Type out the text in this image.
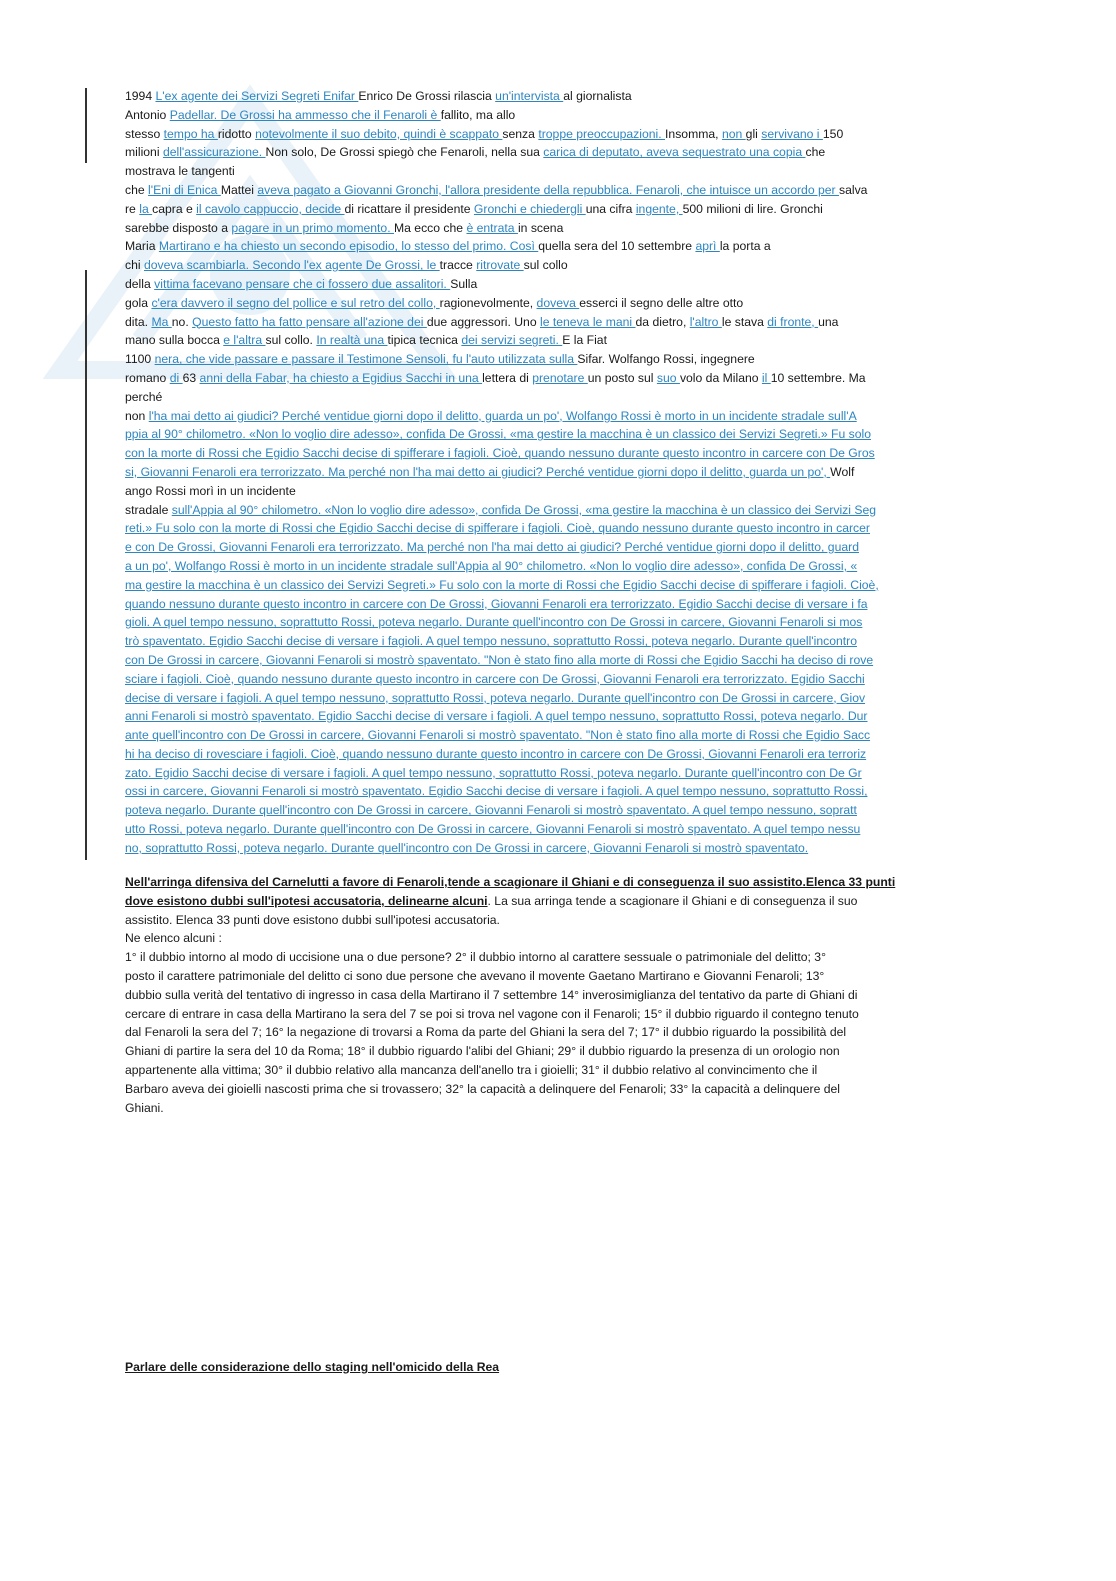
1994 L'ex agente dei Servizi Segreti Enifar Enrico De Grossi rilascia un'intervista al giornalista

Antonio Padellar. De Grossi ha ammesso che il Fenaroli è fallito, ma allo

stesso tempo ha ridotto notevolmente il suo debito, quindi è scappato senza troppe preoccupazioni. Insomma, non gli servivano i 150

milioni dell'assicurazione. Non solo, De Grossi spiegò che Fenaroli, nella sua carica di deputato, aveva sequestrato una copia che

mostrava le tangenti

che l'Eni di Enica Mattei aveva pagato a Giovanni Gronchi, l'allora presidente della repubblica. Fenaroli, che intuisce un accordo per salva

re la capra e il cavolo cappuccio, decide di ricattare il presidente Gronchi e chiedergli una cifra ingente, 500 milioni di lire. Gronchi

sarebbe disposto a pagare in un primo momento. Ma ecco che è entrata in scena

Maria Martirano e ha chiesto un secondo episodio, lo stesso del primo. Così quella sera del 10 settembre aprì la porta a

chi doveva scambiarla. Secondo l'ex agente De Grossi, le tracce ritrovate sul collo

della vittima facevano pensare che ci fossero due assalitori. Sulla

gola c'era davvero il segno del pollice e sul retro del collo, ragionevolmente, doveva esserci il segno delle altre otto

dita. Ma no. Questo fatto ha fatto pensare all'azione dei due aggressori. Uno le teneva le mani da dietro, l'altro le stava di fronte, una

mano sulla bocca e l'altra sul collo. In realtà una tipica tecnica dei servizi segreti. E la Fiat

1100 nera, che vide passare e passare il Testimone Sensoli, fu l'auto utilizzata sulla Sifar. Wolfango Rossi, ingegnere

romano di 63 anni della Fabar, ha chiesto a Egidius Sacchi in una lettera di prenotare un posto sul suo volo da Milano il 10 settembre. Ma

perché

non l'ha mai detto ai giudici? Perché ventidue giorni dopo il delitto, guarda un po', Wolfango Rossi è morto in un incidente stradale sull'A

ppia al 90° chilometro. «Non lo voglio dire adesso», confida De Grossi, «ma gestire la macchina è un classico dei Servizi Segreti.» Fu solo

con la morte di Rossi che Egidio Sacchi decise di spifferare i fagioli. Cioè, quando nessuno durante questo incontro in carcere con De Gros

si, Giovanni Fenaroli era terrorizzato. Ma perché non l'ha mai detto ai giudici? Perché ventidue giorni dopo il delitto, guarda un po', Wolf

ango Rossi morì in un incidente

stradale sull'Appia al 90° chilometro. «Non lo voglio dire adesso», confida De Grossi, «ma gestire la macchina è un classico dei Servizi Seg

reti.» Fu solo con la morte di Rossi che Egidio Sacchi decise di spifferare i fagioli. Cioè, quando nessuno durante questo incontro in carcer

e con De Grossi, Giovanni Fenaroli era terrorizzato. Ma perché non l'ha mai detto ai giudici? Perché ventidue giorni dopo il delitto, guard

a un po', Wolfango Rossi è morto in un incidente stradale sull'Appia al 90° chilometro. «Non lo voglio dire adesso», confida De Grossi, «

ma gestire la macchina è un classico dei Servizi Segreti.» Fu solo con la morte di Rossi che Egidio Sacchi decise di spifferare i fagioli. Cioè,

quando nessuno durante questo incontro in carcere con De Grossi, Giovanni Fenaroli era terrorizzato. Egidio Sacchi decise di versare i fa

gioli. A quel tempo nessuno, soprattutto Rossi, poteva negarlo. Durante quell'incontro con De Grossi in carcere, Giovanni Fenaroli si mos

trò spaventato. Egidio Sacchi decise di versare i fagioli. A quel tempo nessuno, soprattutto Rossi, poteva negarlo. Durante quell'incontro

con De Grossi in carcere, Giovanni Fenaroli si mostrò spaventato. "Non è stato fino alla morte di Rossi che Egidio Sacchi ha deciso di rove

sciare i fagioli. Cioè, quando nessuno durante questo incontro in carcere con De Grossi, Giovanni Fenaroli era terrorizzato. Egidio Sacchi

decise di versare i fagioli. A quel tempo nessuno, soprattutto Rossi, poteva negarlo. Durante quell'incontro con De Grossi in carcere, Giov

anni Fenaroli si mostrò spaventato. Egidio Sacchi decise di versare i fagioli. A quel tempo nessuno, soprattutto Rossi, poteva negarlo. Dur

ante quell'incontro con De Grossi in carcere, Giovanni Fenaroli si mostrò spaventato. "Non è stato fino alla morte di Rossi che Egidio Sacc

hi ha deciso di rovesciare i fagioli. Cioè, quando nessuno durante questo incontro in carcere con De Grossi, Giovanni Fenaroli era terroriz

zato. Egidio Sacchi decise di versare i fagioli. A quel tempo nessuno, soprattutto Rossi, poteva negarlo. Durante quell'incontro con De Gr

ossi in carcere, Giovanni Fenaroli si mostrò spaventato. Egidio Sacchi decise di versare i fagioli. A quel tempo nessuno, soprattutto Rossi,

poteva negarlo. Durante quell'incontro con De Grossi in carcere, Giovanni Fenaroli si mostrò spaventato. A quel tempo nessuno, sopratt

utto Rossi, poteva negarlo. Durante quell'incontro con De Grossi in carcere, Giovanni Fenaroli si mostrò spaventato. A quel tempo nessu

no, soprattutto Rossi, poteva negarlo. Durante quell'incontro con De Grossi in carcere, Giovanni Fenaroli si mostrò spaventato.

Nell'arringa difensiva del Carnelutti a favore di Fenaroli,tende a scagionare il Ghiani e di conseguenza il suo assistito.Elenca 33 punti
dove esistono dubbi sull'ipotesi accusatoria, delinearne alcuni. La sua arringa tende a scagionare il Ghiani e di conseguenza il suo
assistito. Elenca 33 punti dove esistono dubbi sull'ipotesi accusatoria.
Ne elenco alcuni :

1° il dubbio intorno al modo di uccisione una o due persone? 2° il dubbio intorno al carattere sessuale o patrimoniale del delitto; 3°
posto il carattere patrimoniale del delitto ci sono due persone che avevano il movente Gaetano Martirano e Giovanni Fenaroli; 13°
dubbio sulla verità del tentativo di ingresso in casa della Martirano il 7 settembre 14° inverosimiglianza del tentativo da parte di Ghiani di
cercare di entrare in casa della Martirano la sera del 7 se poi si trova nel vagone con il Fenaroli; 15° il dubbio riguardo il contegno tenuto
dal Fenaroli la sera del 7; 16° la negazione di trovarsi a Roma da parte del Ghiani la sera del 7; 17° il dubbio riguardo la possibilità del
Ghiani di partire la sera del 10 da Roma; 18° il dubbio riguardo l'alibi del Ghiani; 29° il dubbio riguardo la presenza di un orologio non
appartenente alla vittima; 30° il dubbio relativo alla mancanza dell'anello tra i gioielli; 31° il dubbio relativo al convincimento che il
Barbaro aveva dei gioielli nascosti prima che si trovassero; 32° la capacità a delinquere del Fenaroli; 33° la capacità a delinquere del
Ghiani.

Parlare delle considerazione dello staging nell'omicido della Rea
